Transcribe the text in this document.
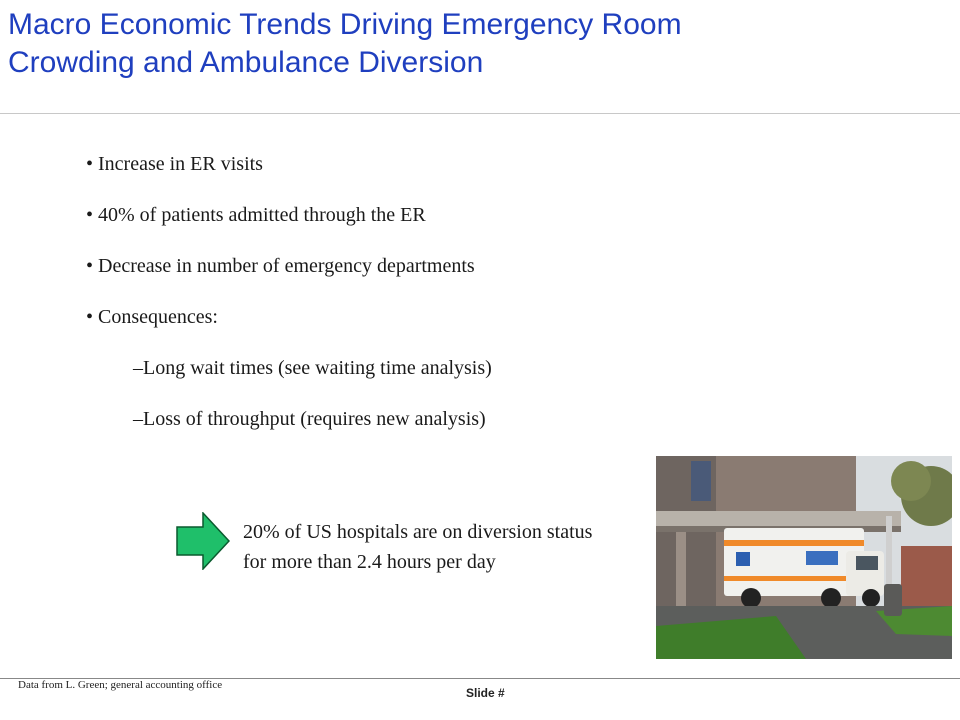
Macro Economic Trends Driving Emergency Room
Crowding and Ambulance Diversion
• Increase in ER visits
• 40% of patients admitted through the ER
• Decrease in number of emergency departments
• Consequences:
–Long wait times (see waiting time analysis)
–Loss of throughput (requires new analysis)
20% of US hospitals are on diversion status
for more than 2.4 hours per day
Data from L. Green; general accounting office
Slide #
